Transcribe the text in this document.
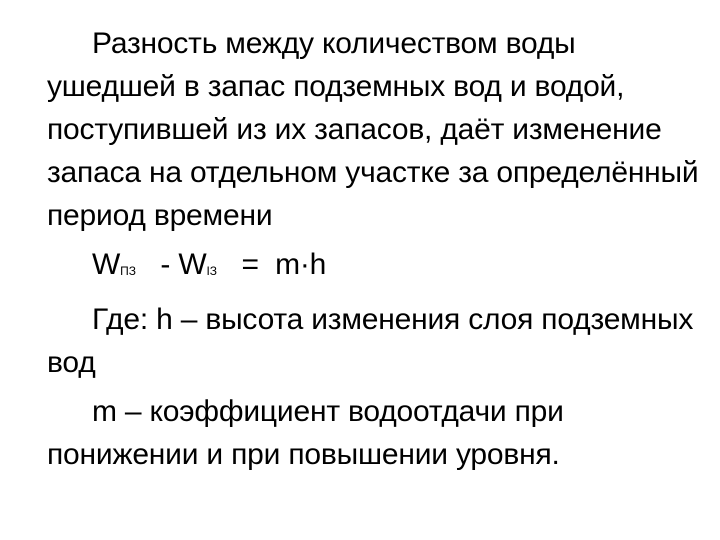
Разность между количеством воды ушедшей в запас подземных вод и водой, поступившей из их запасов, даёт изменение запаса на отдельном участке за определённый период времени

WПЗ   - WIЗ   =  m·h

Где: h – высота изменения слоя подземных вод

m – коэффициент водоотдачи при понижении и при повышении уровня.
